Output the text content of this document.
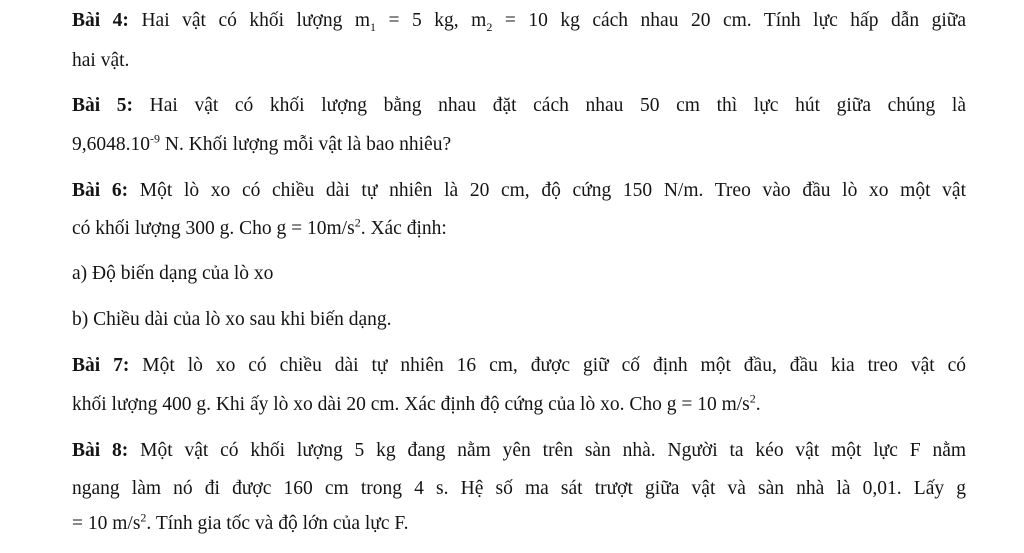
Bài 4: Hai vật có khối lượng $m_1 = 5$ kg, $m_2 = 10$ kg cách nhau 20 cm. Tính lực hấp dẫn giữa
hai vật.
Bài 5: Hai vật có khối lượng bằng nhau đặt cách nhau 50 cm thì lực hút giữa chúng là
$9,6048.10^{-9}$ N. Khối lượng mỗi vật là bao nhiêu?
Bài 6: Một lò xo có chiều dài tự nhiên là 20 cm, độ cứng 150 N/m. Treo vào đầu lò xo một vật
có khối lượng 300 g. Cho $g = 10m/s^2$. Xác định:
a) Độ biến dạng của lò xo
b) Chiều dài của lò xo sau khi biến dạng.
Bài 7: Một lò xo có chiều dài tự nhiên 16 cm, được giữ cố định một đầu, đầu kia treo vật có
khối lượng 400 g. Khi ấy lò xo dài 20 cm. Xác định độ cứng của lò xo. Cho g = 10 $m/s^2$.
Bài 8: Một vật có khối lượng 5 kg đang nằm yên trên sàn nhà. Người ta kéo vật một lực F nằm
ngang làm nó đi được 160 cm trong 4 s. Hệ số ma sát trượt giữa vật và sàn nhà là 0,01. Lấy g
= 10 $m/s^2$. Tính gia tốc và độ lớn của lực F.
